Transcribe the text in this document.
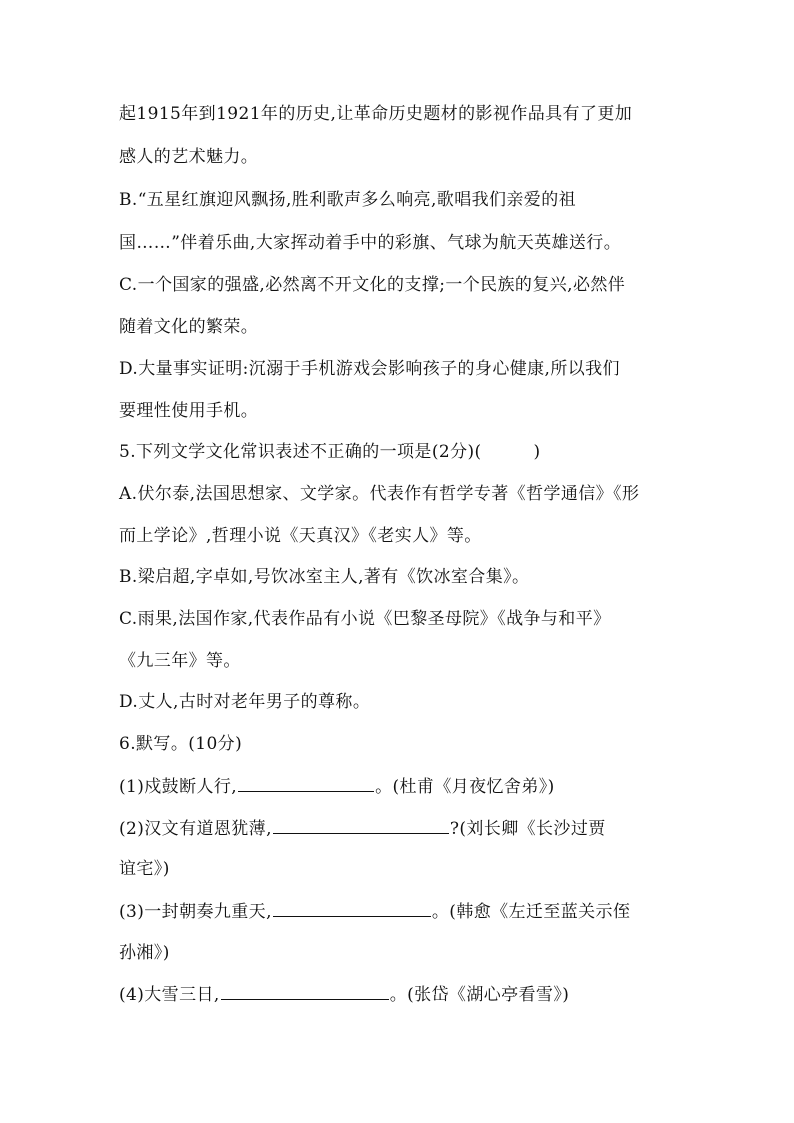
起1915年到1921年的历史,让革命历史题材的影视作品具有了更加
感人的艺术魅力。
B.“五星红旗迎风飘扬,胜利歌声多么响亮,歌唱我们亲爱的祖
国……”伴着乐曲,大家挥动着手中的彩旗、气球为航天英雄送行。
C.一个国家的强盛,必然离不开文化的支撑;一个民族的复兴,必然伴
随着文化的繁荣。
D.大量事实证明:沉溺于手机游戏会影响孩子的身心健康,所以我们
要理性使用手机。
5.下列文学文化常识表述不正确的一项是(2分)(	)
A.伏尔泰,法国思想家、文学家。代表作有哲学专著《哲学通信》《形
而上学论》,哲理小说《天真汉》《老实人》等。
B.梁启超,字卓如,号饮冰室主人,著有《饮冰室合集》。
C.雨果,法国作家,代表作品有小说《巴黎圣母院》《战争与和平》
《九三年》等。
D.丈人,古时对老年男子的尊称。
6.默写。(10分)
(1)戍鼓断人行,	。(杜甫《月夜忆舍弟》)
(2)汉文有道恩犹薄,	?(刘长卿《长沙过贾
谊宅》)
(3)一封朝奏九重天,	。(韩愈《左迁至蓝关示侄
孙湘》)
(4)大雪三日,	。(张岱《湖心亭看雪》)
